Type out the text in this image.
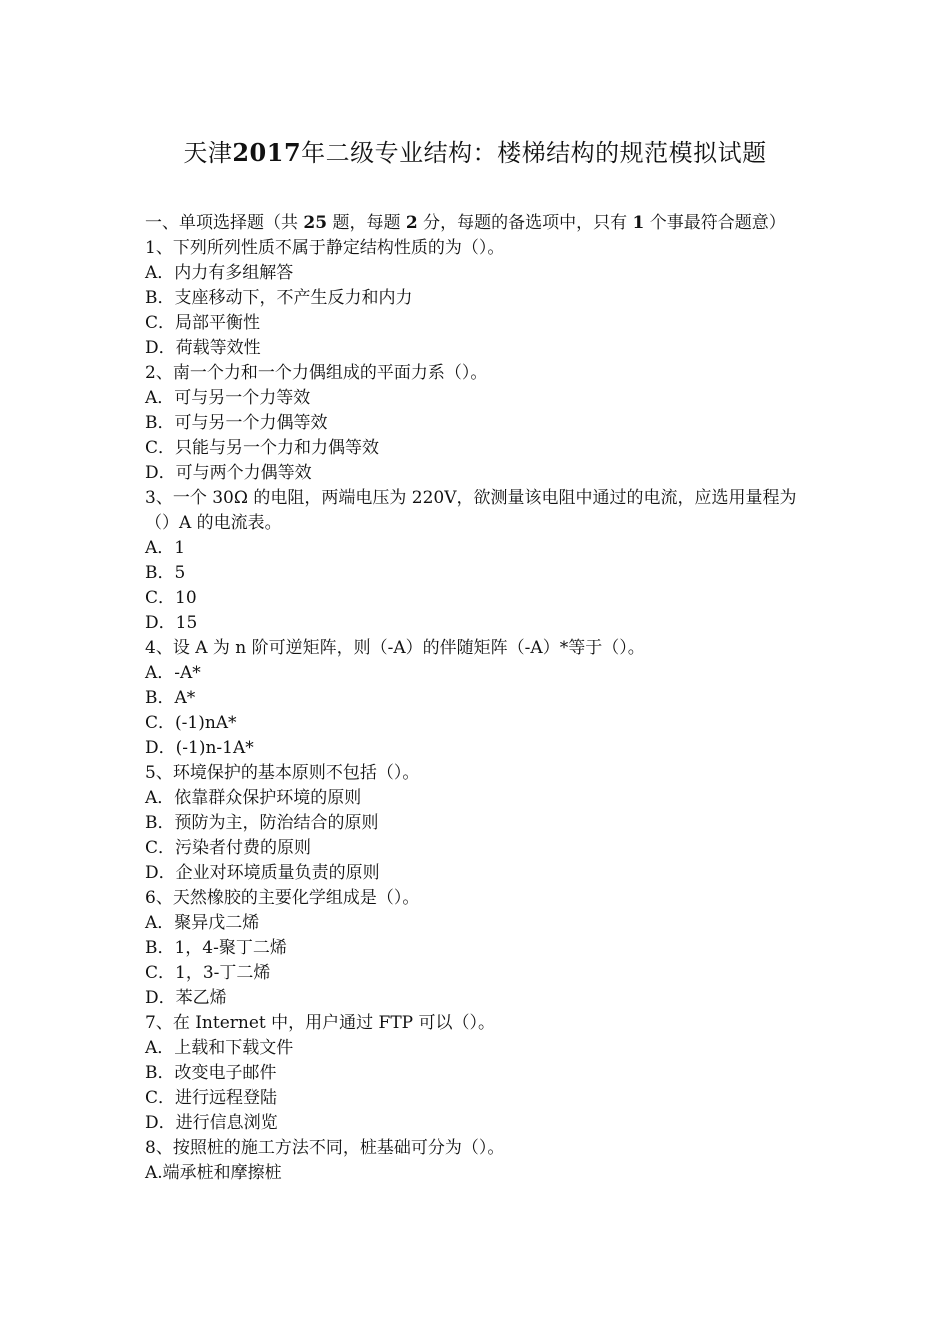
天津2017年二级专业结构：楼梯结构的规范模拟试题

一、单项选择题（共 25 题，每题 2 分，每题的备选项中，只有 1 个事最符合题意）

1、下列所列性质不属于静定结构性质的为（）。

A．内力有多组解答

B．支座移动下，不产生反力和内力

C．局部平衡性

D．荷载等效性

2、南一个力和一个力偶组成的平面力系（）。

A．可与另一个力等效

B．可与另一个力偶等效

C．只能与另一个力和力偶等效

D．可与两个力偶等效

3、一个 30Ω 的电阻，两端电压为 220V，欲测量该电阻中通过的电流，应选用量程为（）A 的电流表。

A．1

B．5

C．10

D．15

4、设 A 为 n 阶可逆矩阵，则（-A）的伴随矩阵（-A）*等于（）。

A．-A*

B．A*

C．(-1)nA*

D．(-1)n-1A*

5、环境保护的基本原则不包括（）。

A．依靠群众保护环境的原则

B．预防为主，防治结合的原则

C．污染者付费的原则

D．企业对环境质量负责的原则

6、天然橡胶的主要化学组成是（）。

A．聚异戊二烯

B．1，4-聚丁二烯

C．1，3-丁二烯

D．苯乙烯

7、在 Internet 中，用户通过 FTP 可以（）。

A．上载和下载文件

B．改变电子邮件

C．进行远程登陆

D．进行信息浏览

8、按照桩的施工方法不同，桩基础可分为（）。

A.端承桩和摩擦桩
